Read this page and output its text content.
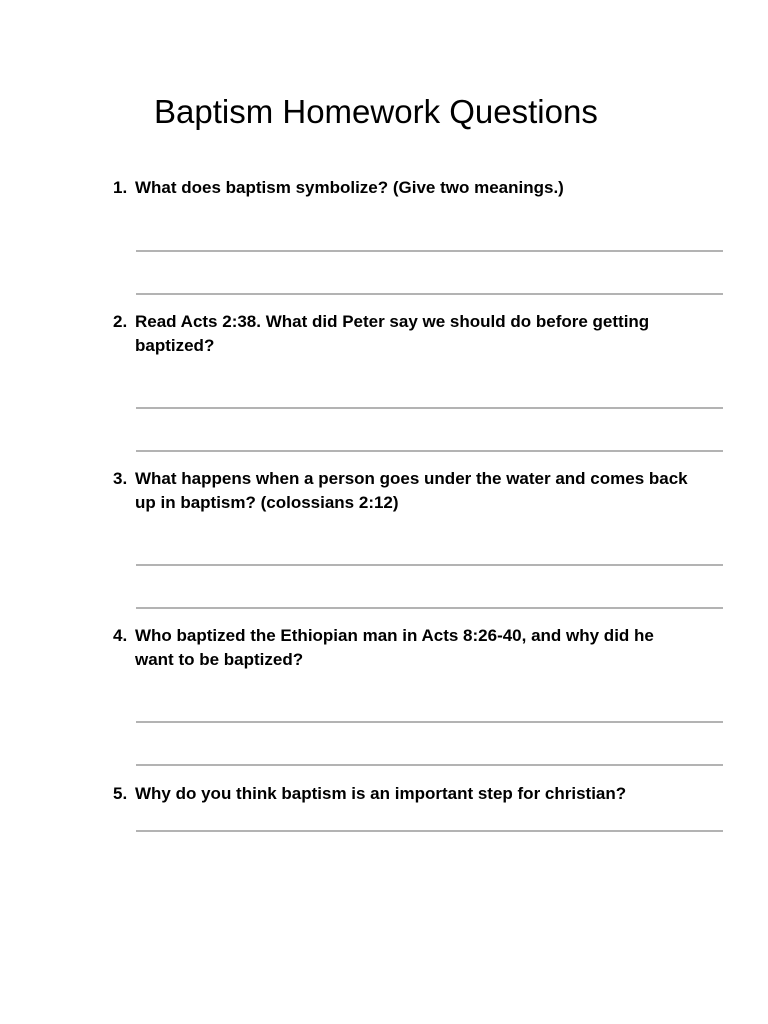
Baptism Homework Questions
1. What does baptism symbolize? (Give two meanings.)
2. Read Acts 2:38. What did Peter say we should do before getting baptized?
3. What happens when a person goes under the water and comes back up in baptism? (colossians 2:12)
4. Who baptized the Ethiopian man in Acts 8:26-40, and why did he want to be baptized?
5. Why do you think baptism is an important step for christian?
